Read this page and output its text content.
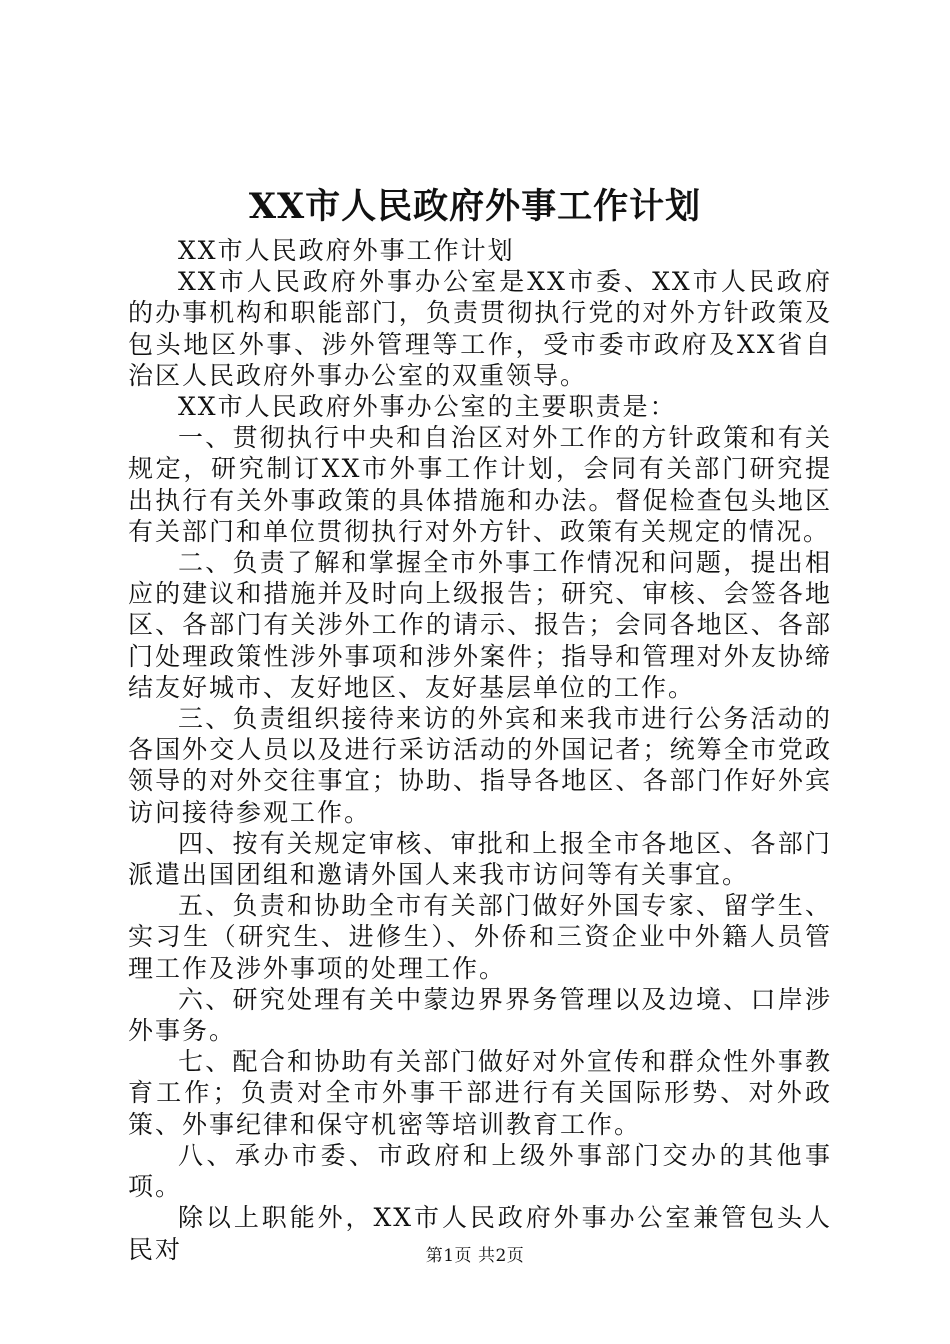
XX市人民政府外事工作计划

XX市人民政府外事工作计划

XX市人民政府外事办公室是XX市委、XX市人民政府的办事机构和职能部门，负责贯彻执行党的对外方针政策及包头地区外事、涉外管理等工作，受市委市政府及XX省自治区人民政府外事办公室的双重领导。

XX市人民政府外事办公室的主要职责是：

一、贯彻执行中央和自治区对外工作的方针政策和有关规定，研究制订XX市外事工作计划，会同有关部门研究提出执行有关外事政策的具体措施和办法。督促检查包头地区有关部门和单位贯彻执行对外方针、政策有关规定的情况。

二、负责了解和掌握全市外事工作情况和问题，提出相应的建议和措施并及时向上级报告；研究、审核、会签各地区、各部门有关涉外工作的请示、报告；会同各地区、各部门处理政策性涉外事项和涉外案件；指导和管理对外友协缔结友好城市、友好地区、友好基层单位的工作。

三、负责组织接待来访的外宾和来我市进行公务活动的各国外交人员以及进行采访活动的外国记者；统筹全市党政领导的对外交往事宜；协助、指导各地区、各部门作好外宾访问接待参观工作。

四、按有关规定审核、审批和上报全市各地区、各部门派遣出国团组和邀请外国人来我市访问等有关事宜。

五、负责和协助全市有关部门做好外国专家、留学生、实习生（研究生、进修生）、外侨和三资企业中外籍人员管理工作及涉外事项的处理工作。

六、研究处理有关中蒙边界界务管理以及边境、口岸涉外事务。

七、配合和协助有关部门做好对外宣传和群众性外事教育工作；负责对全市外事干部进行有关国际形势、对外政策、外事纪律和保守机密等培训教育工作。

八、承办市委、市政府和上级外事部门交办的其他事项。

除以上职能外，XX市人民政府外事办公室兼管包头人民对	第1页 共2页
